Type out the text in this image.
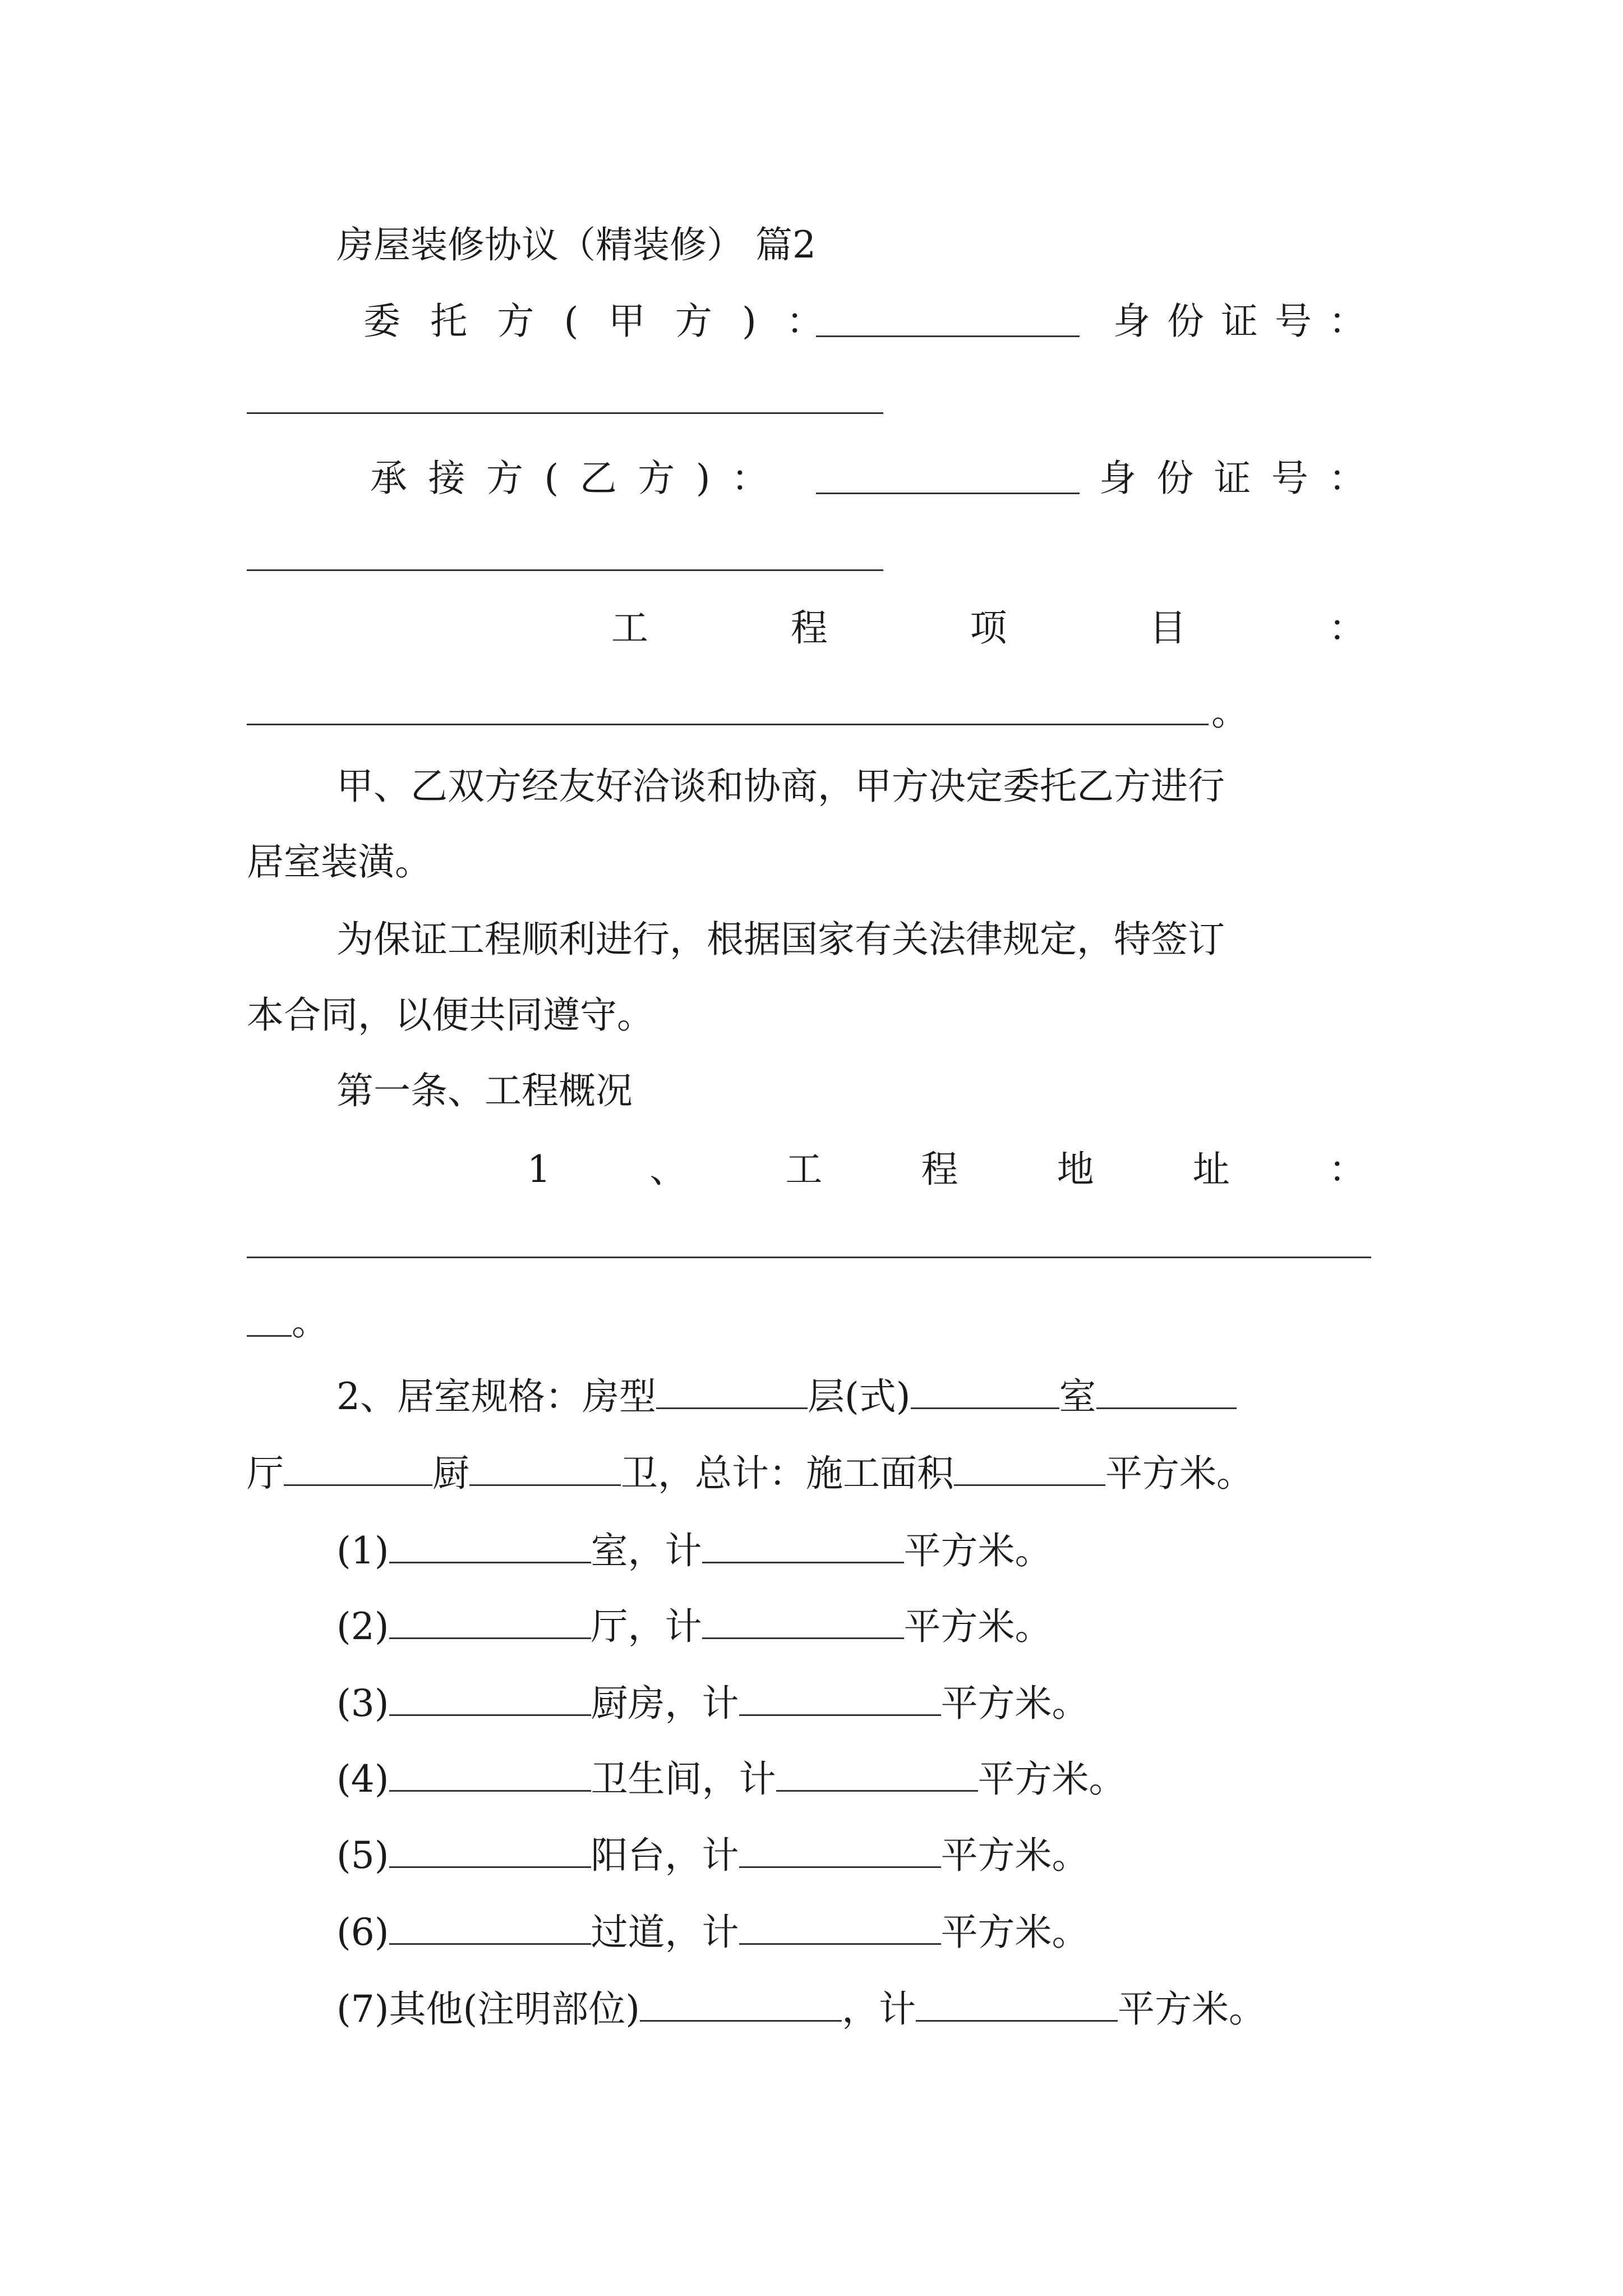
房屋装修协议（精装修） 篇2
委 托 方 ( 甲 方 ) ：	身 份 证 号 ：
承 接 方 ( 乙 方 ) ：	身 份 证 号 ：
工	程	项	目	：
。
甲、乙双方经友好洽谈和协商，甲方决定委托乙方进行
居室装潢。
为保证工程顺利进行，根据国家有关法律规定，特签订
本合同，以便共同遵守。
第一条、工程概况
1	、	工	程	地	址	：
。
2、居室规格：房型	层(式)	室
厅	厨	卫，总计：施工面积	平方米。
(1)	室，计	平方米。
(2)	厅，计	平方米。
(3)	厨房，计	平方米。
(4)	卫生间，计	平方米。
(5)	阳台，计	平方米。
(6)	过道，计	平方米。
(7)其他(注明部位)	，计	平方米。
